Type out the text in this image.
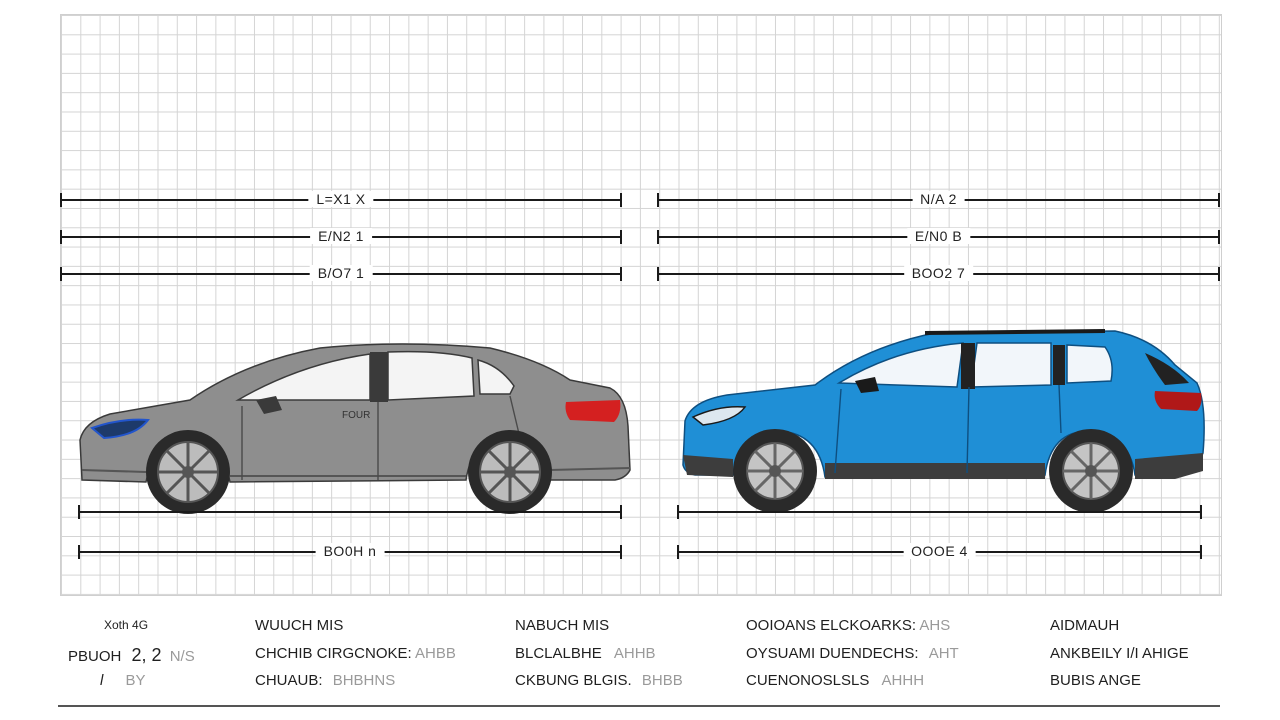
L=X1 X
E/N2 1
B/O7 1
N/A 2
E/N0 B
BOO2 7
FOUR
BO0H n	OOOE 4
Xoth 4G
PBUOH 2, 2 N/S
l BY
WUUCH MIS
CHCHIB CIRGCNOKE: AHBB
CHUAUB: BHBHNS
NABUCH MIS
BLCLALBHE AHHB
CKBUNG BLGIS. BHBB
OOIOANS ELCKOARKS: AHS
OYSUAMI DUENDECHS: AHT
CUENONOSLSLS AHHH
AIDMAUH
ANKBEILY I/I AHIGE
BUBIS ANGE
